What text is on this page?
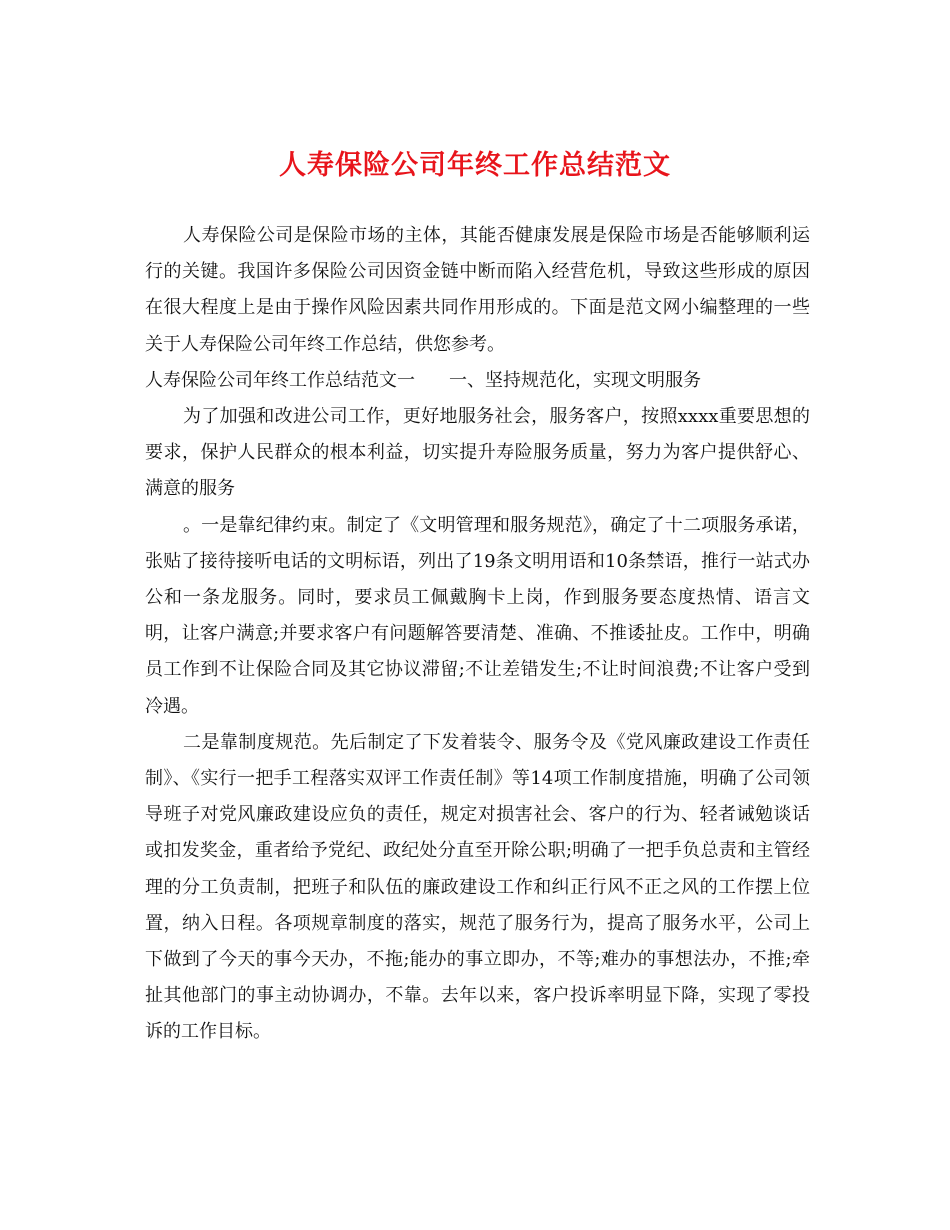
人寿保险公司年终工作总结范文

人寿保险公司是保险市场的主体，其能否健康发展是保险市场是否能够顺利运行的关键。我国许多保险公司因资金链中断而陷入经营危机，导致这些形成的原因在很大程度上是由于操作风险因素共同作用形成的。下面是范文网小编整理的一些关于人寿保险公司年终工作总结，供您参考。

人寿保险公司年终工作总结范文一 一、坚持规范化，实现文明服务

为了加强和改进公司工作，更好地服务社会，服务客户，按照xxxx重要思想的要求，保护人民群众的根本利益，切实提升寿险服务质量，努力为客户提供舒心、满意的服务

。一是靠纪律约束。制定了《文明管理和服务规范》，确定了十二项服务承诺，张贴了接待接听电话的文明标语，列出了19条文明用语和10条禁语，推行一站式办公和一条龙服务。同时，要求员工佩戴胸卡上岗，作到服务要态度热情、语言文明，让客户满意;并要求客户有问题解答要清楚、准确、不推诿扯皮。工作中，明确员工作到不让保险合同及其它协议滞留;不让差错发生;不让时间浪费;不让客户受到冷遇。

二是靠制度规范。先后制定了下发着装令、服务令及《党风廉政建设工作责任制》、《实行一把手工程落实双评工作责任制》等14项工作制度措施，明确了公司领导班子对党风廉政建设应负的责任，规定对损害社会、客户的行为、轻者诫勉谈话或扣发奖金，重者给予党纪、政纪处分直至开除公职;明确了一把手负总责和主管经理的分工负责制，把班子和队伍的廉政建设工作和纠正行风不正之风的工作摆上位置，纳入日程。各项规章制度的落实，规范了服务行为，提高了服务水平，公司上下做到了今天的事今天办，不拖;能办的事立即办，不等;难办的事想法办，不推;牵扯其他部门的事主动协调办，不靠。去年以来，客户投诉率明显下降，实现了零投诉的工作目标。
